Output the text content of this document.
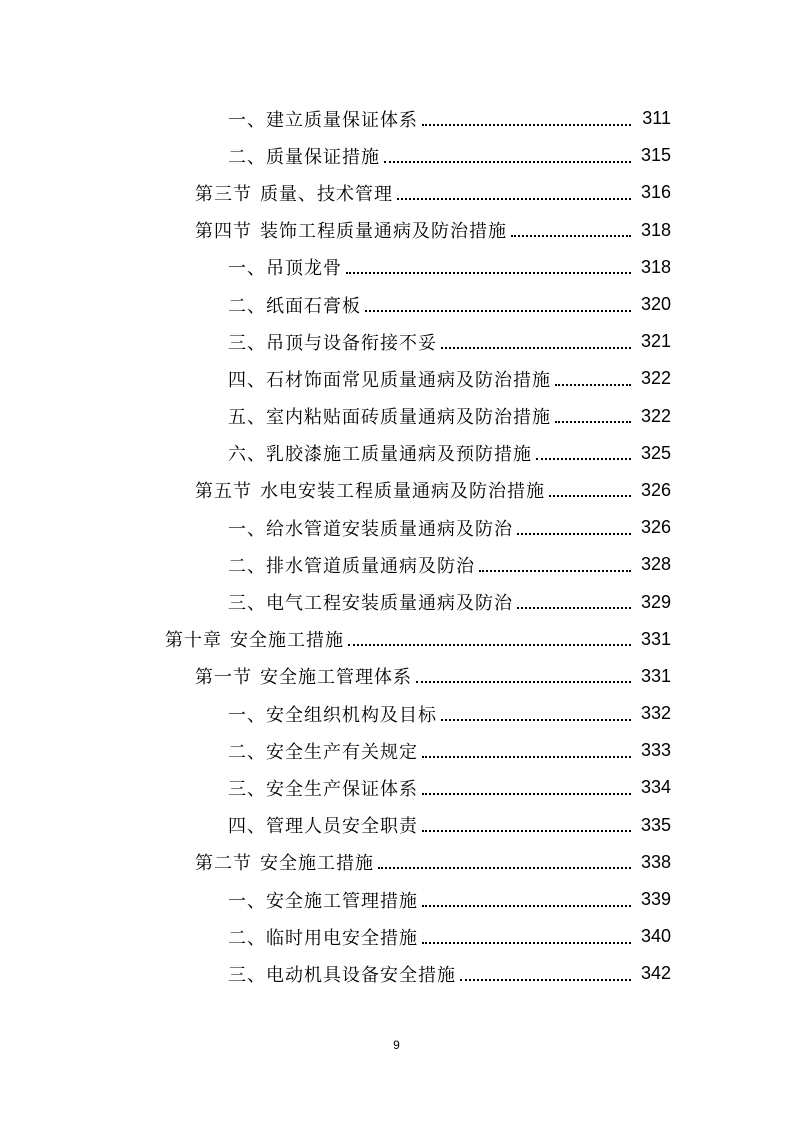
一、建立质量保证体系	311
二、质量保证措施	315
第三节 质量、技术管理	316
第四节 装饰工程质量通病及防治措施	318
一、吊顶龙骨	318
二、纸面石膏板	320
三、吊顶与设备衔接不妥	321
四、石材饰面常见质量通病及防治措施	322
五、室内粘贴面砖质量通病及防治措施	322
六、乳胶漆施工质量通病及预防措施	325
第五节 水电安装工程质量通病及防治措施	326
一、给水管道安装质量通病及防治	326
二、排水管道质量通病及防治	328
三、电气工程安装质量通病及防治	329
第十章 安全施工措施	331
第一节 安全施工管理体系	331
一、安全组织机构及目标	332
二、安全生产有关规定	333
三、安全生产保证体系	334
四、管理人员安全职责	335
第二节 安全施工措施	338
一、安全施工管理措施	339
二、临时用电安全措施	340
三、电动机具设备安全措施	342
9
